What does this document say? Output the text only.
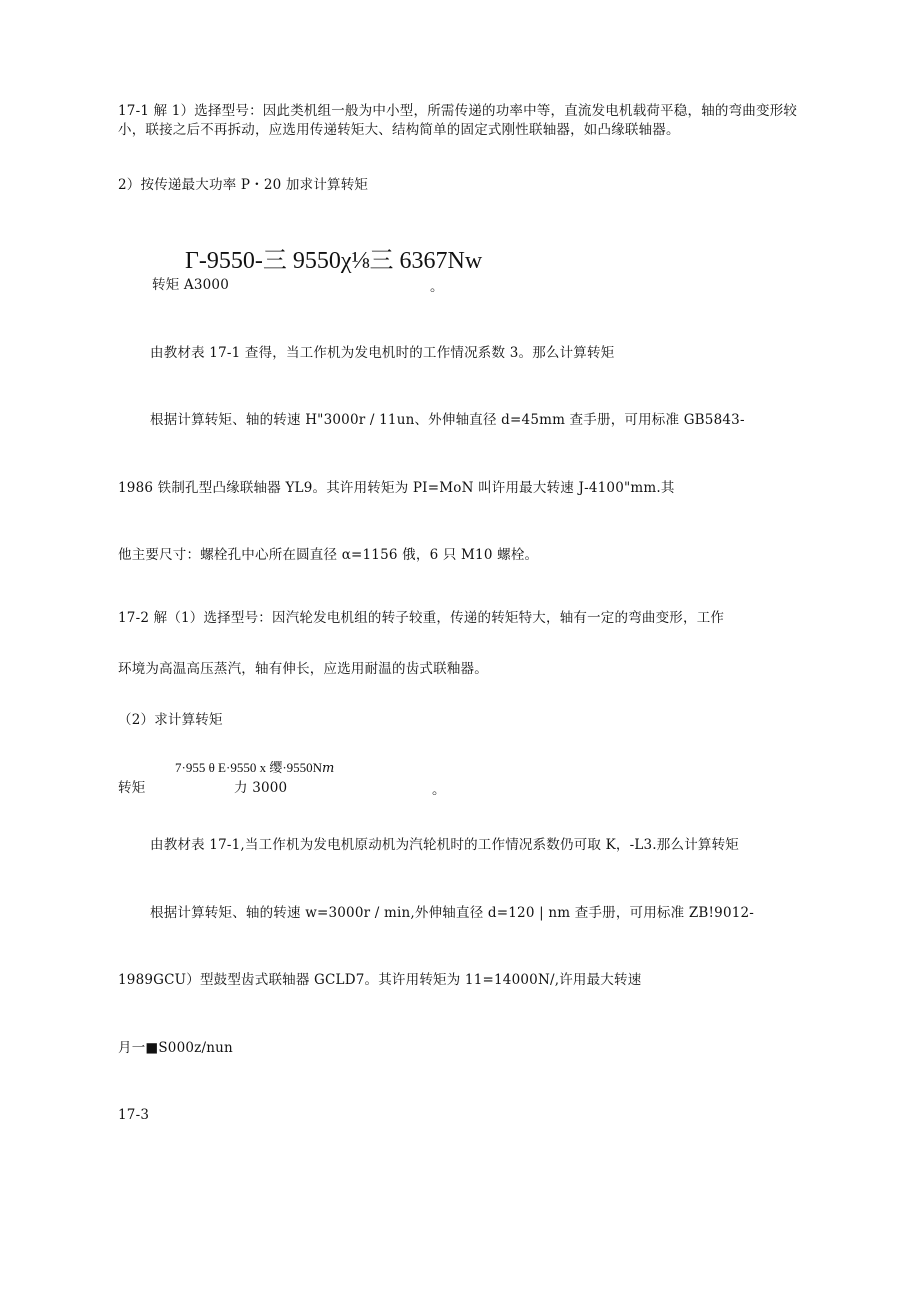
17-1 解 1）选择型号：因此类机组一般为中小型，所需传递的功率中等，直流发电机载荷平稳，轴的弯曲变形较
小，联接之后不再拆动，应选用传递转矩大、结构简单的固定式刚性联轴器，如凸缘联轴器。
2）按传递最大功率 P・20 加求计算转矩
Γ-9550-三 9550χ⅛三 6367Nw
转矩 A3000	。
由教材表 17-1 查得，当工作机为发电机时的工作情况系数 3。那么计算转矩
根据计算转矩、轴的转速 H"3000r / 11un、外伸轴直径 d=45mm 查手册，可用标准 GB5843-
1986 铁制孔型凸缘联轴器 YL9。其许用转矩为 PI=MoN 叫许用最大转速 J-4100"mm.其
他主要尺寸：螺栓孔中心所在圆直径 α=1156 俄，6 只 M10 螺栓。
17-2 解（1）选择型号：因汽轮发电机组的转子较重，传递的转矩特大，轴有一定的弯曲变形，工作
环境为高温高压蒸汽，轴有伸长，应选用耐温的齿式联釉器。
（2）求计算转矩
7·955 θ E·9550 x 缨·9550N𝑚
转矩	力 3000	。
由教材表 17-1,当工作机为发电机原动机为汽轮机时的工作情况系数仍可取 K，-L3.那么计算转矩
根据计算转矩、轴的转速 w=3000r / min,外伸轴直径 d=120 | nm 查手册，可用标准 ZB!9012-
1989GCU）型鼓型齿式联轴器 GCLD7。其许用转矩为 11=14000N/,许用最大转速
月一■S000z/nun
17-3
